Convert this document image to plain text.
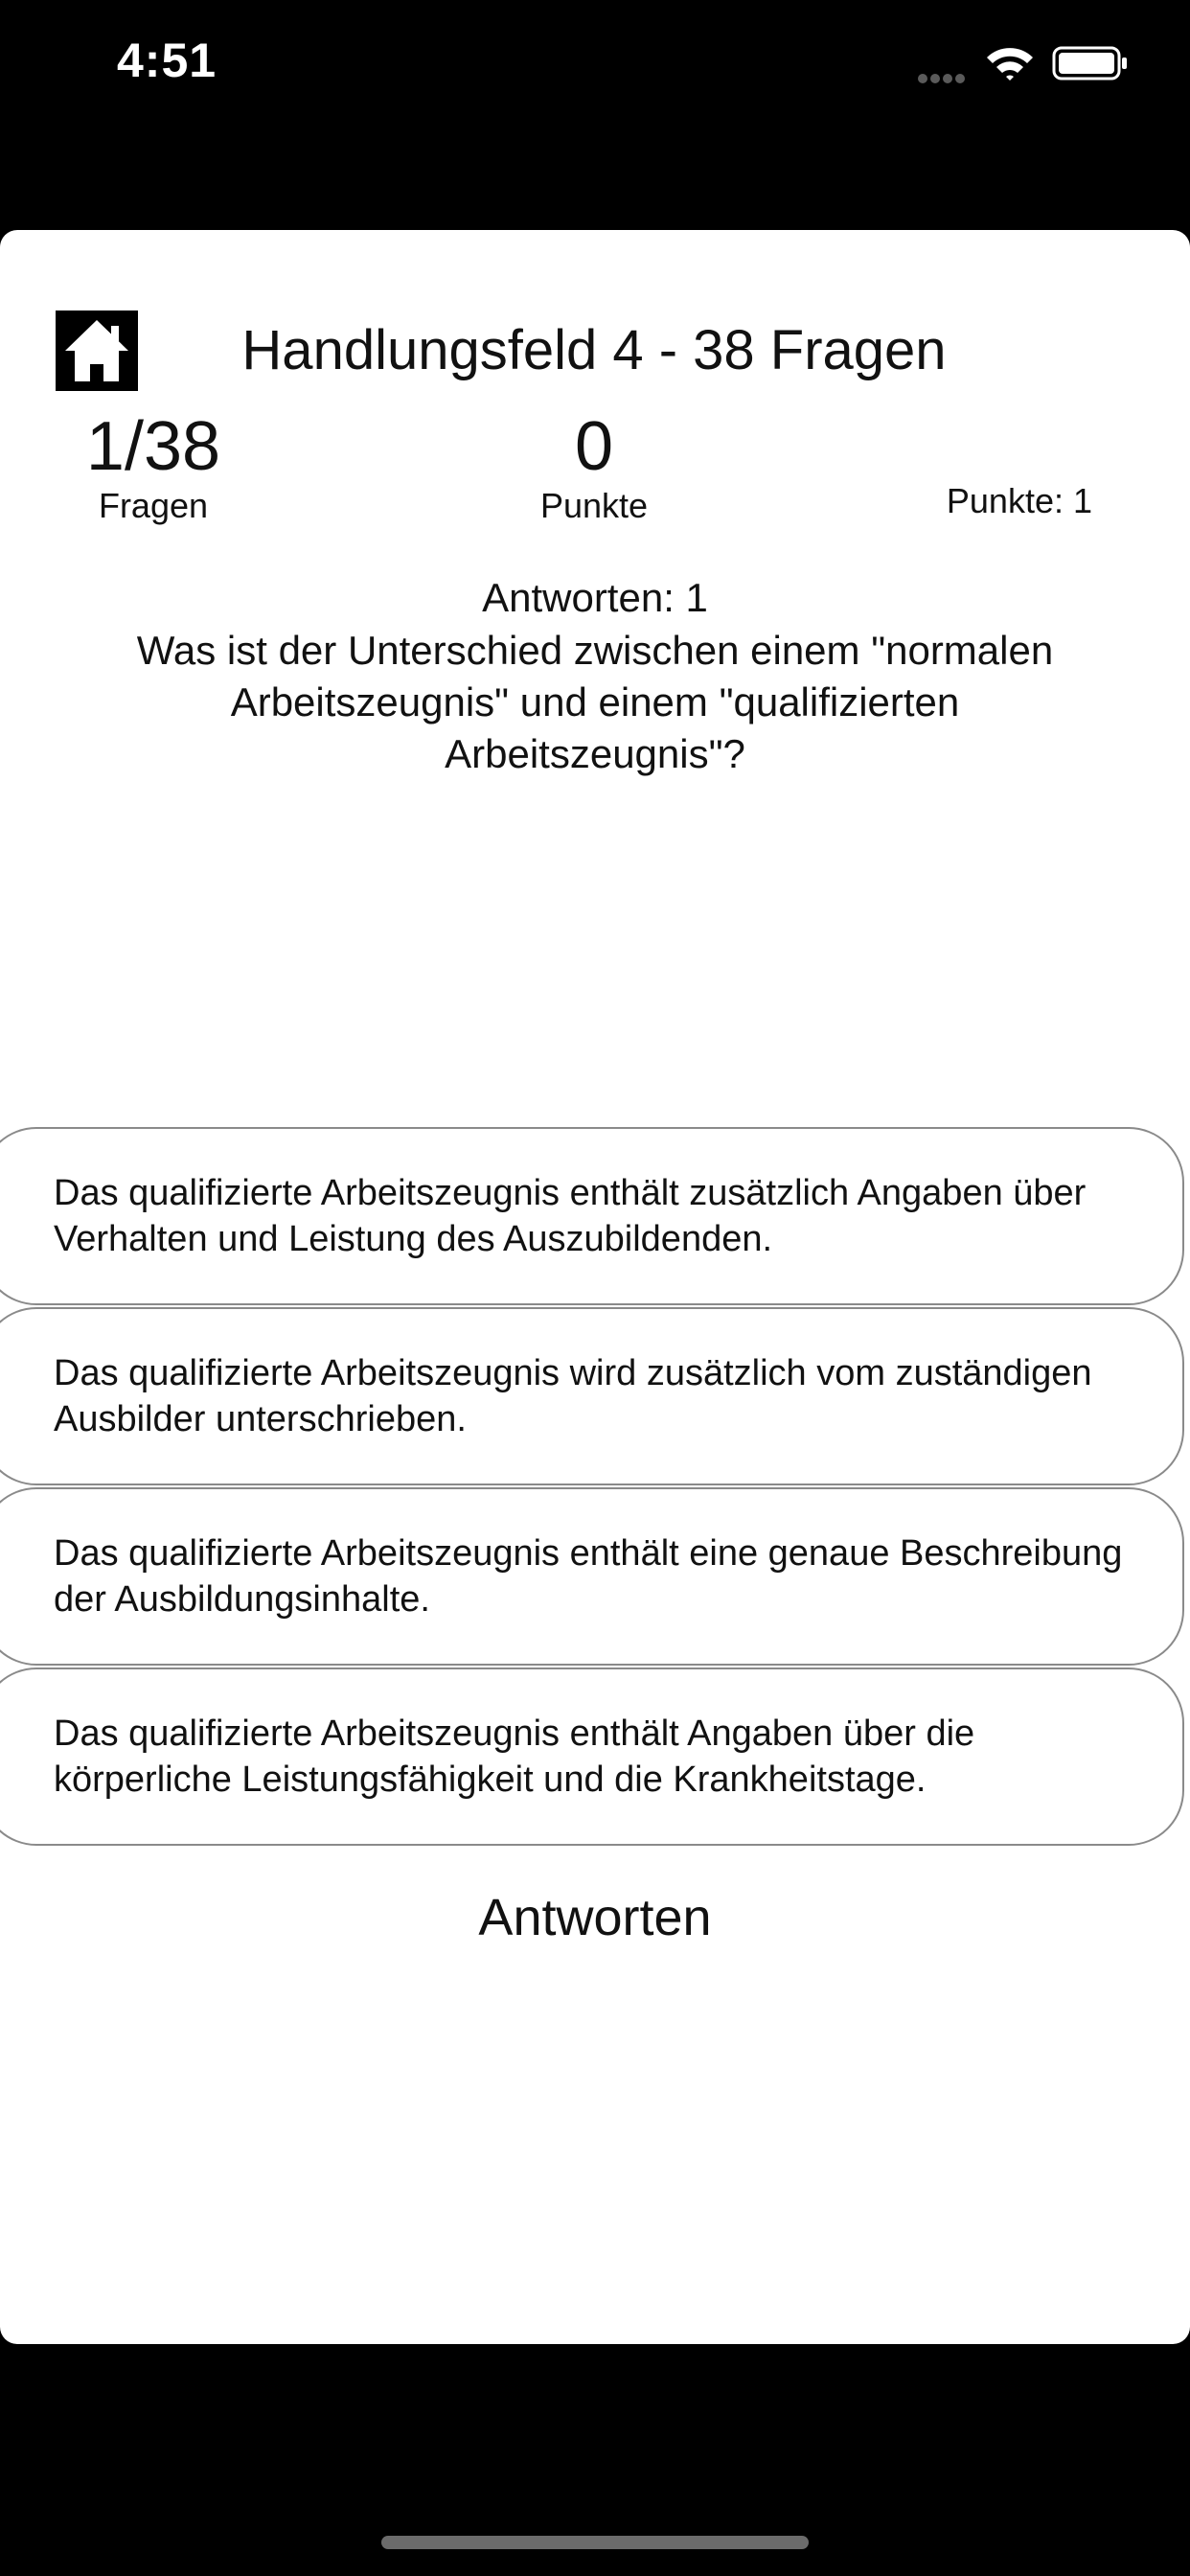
4:51
Handlungsfeld 4 - 38 Fragen
1/38
Fragen
0
Punkte	Punkte: 1
Antworten: 1
Was ist der Unterschied zwischen einem "normalen Arbeitszeugnis" und einem "qualifizierten Arbeitszeugnis"?
Das qualifizierte Arbeitszeugnis enthält zusätzlich Angaben über Verhalten und Leistung des Auszubildenden.
Das qualifizierte Arbeitszeugnis wird zusätzlich vom zuständigen Ausbilder unterschrieben.
Das qualifizierte Arbeitszeugnis enthält eine genaue Beschreibung der Ausbildungsinhalte.
Das qualifizierte Arbeitszeugnis enthält Angaben über die körperliche Leistungsfähigkeit und die Krankheitstage.
Antworten
